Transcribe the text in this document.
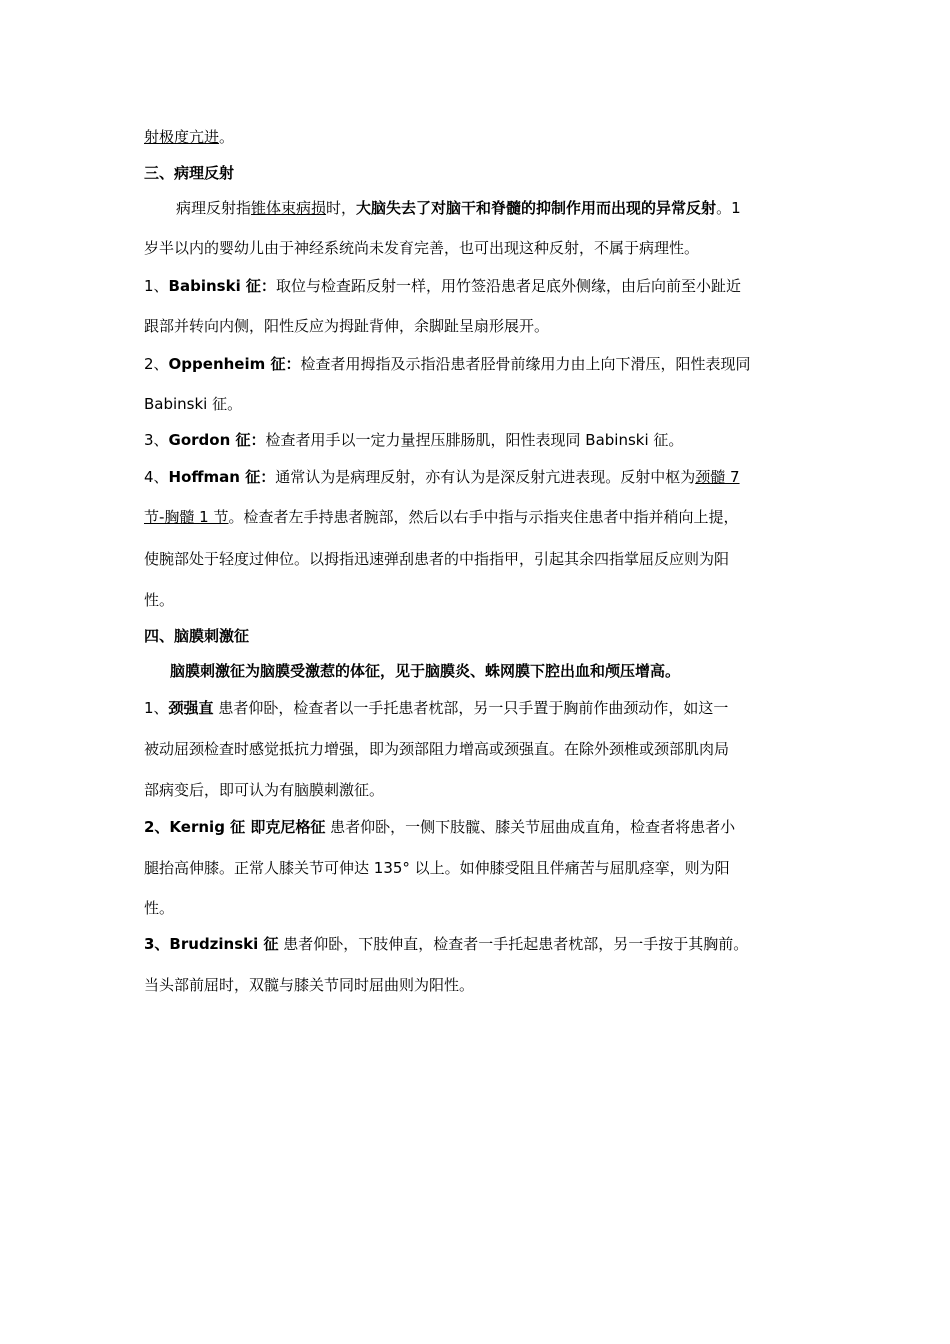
射极度亢进。
三、病理反射
病理反射指锥体束病损时，大脑失去了对脑干和脊髓的抑制作用而出现的异常反射。1
岁半以内的婴幼儿由于神经系统尚未发育完善，也可出现这种反射，不属于病理性。
1、Babinski 征：取位与检查跖反射一样，用竹签沿患者足底外侧缘，由后向前至小趾近
跟部并转向内侧，阳性反应为拇趾背伸，余脚趾呈扇形展开。
2、Oppenheim 征：检查者用拇指及示指沿患者胫骨前缘用力由上向下滑压，阳性表现同
Babinski 征。
3、Gordon 征：检查者用手以一定力量捏压腓肠肌，阳性表现同 Babinski 征。
4、Hoffman 征：通常认为是病理反射，亦有认为是深反射亢进表现。反射中枢为颈髓 7
节-胸髓 1 节。检查者左手持患者腕部，然后以右手中指与示指夹住患者中指并稍向上提，
使腕部处于轻度过伸位。以拇指迅速弹刮患者的中指指甲，引起其余四指掌屈反应则为阳
性。
四、脑膜刺激征
脑膜刺激征为脑膜受激惹的体征，见于脑膜炎、蛛网膜下腔出血和颅压增高。
1、颈强直 患者仰卧，检查者以一手托患者枕部，另一只手置于胸前作曲颈动作，如这一
被动屈颈检查时感觉抵抗力增强，即为颈部阻力增高或颈强直。在除外颈椎或颈部肌肉局
部病变后，即可认为有脑膜刺激征。
2、Kernig 征 即克尼格征 患者仰卧，一侧下肢髋、膝关节屈曲成直角，检查者将患者小
腿抬高伸膝。正常人膝关节可伸达 135° 以上。如伸膝受阻且伴痛苦与屈肌痉挛，则为阳
性。
3、Brudzinski 征 患者仰卧，下肢伸直，检查者一手托起患者枕部，另一手按于其胸前。
当头部前屈时，双髋与膝关节同时屈曲则为阳性。
